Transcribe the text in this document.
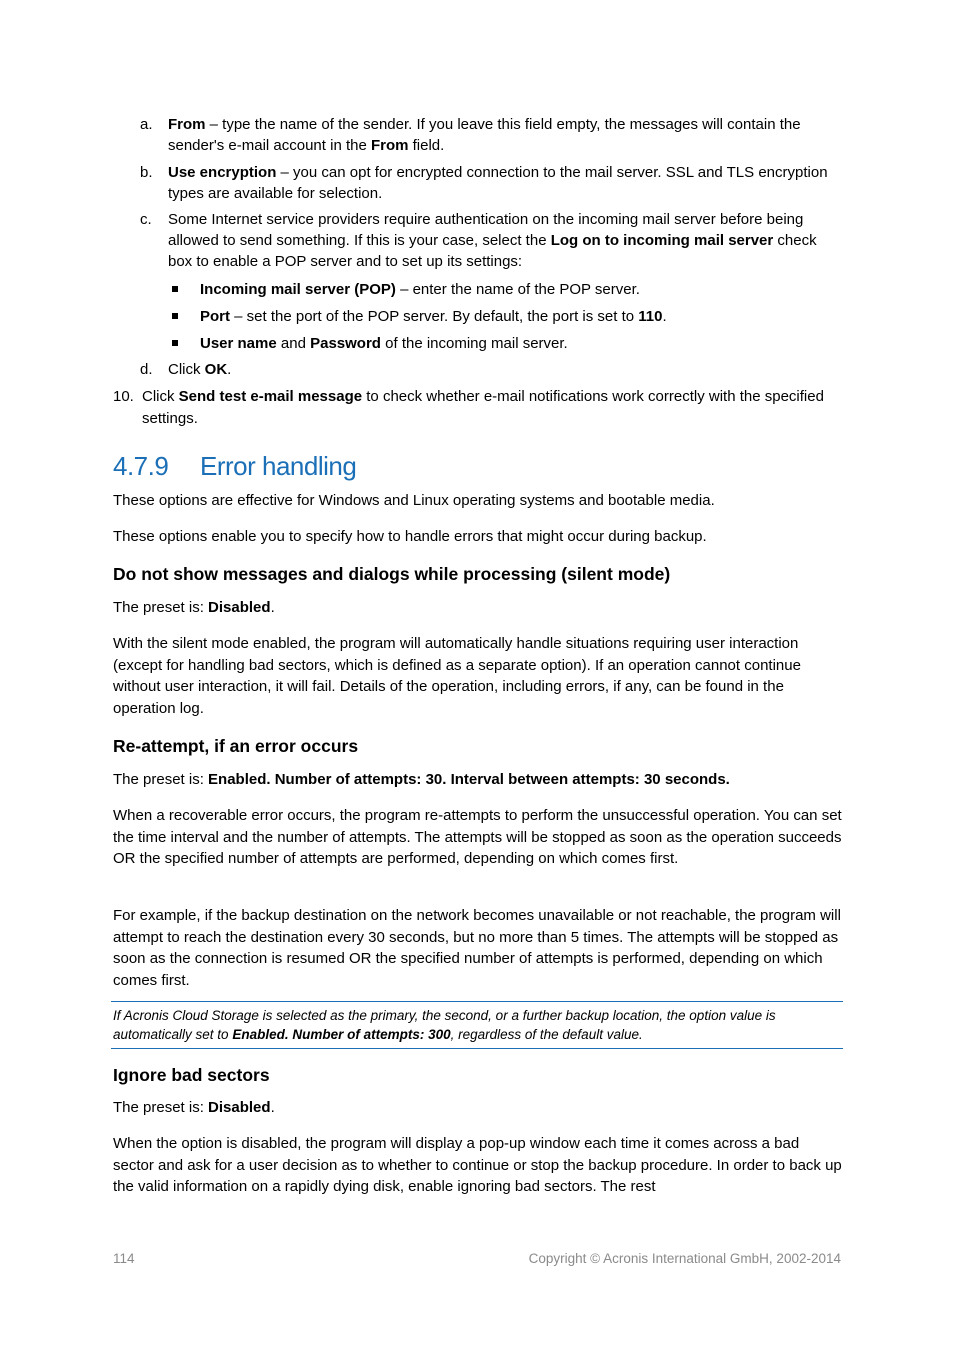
a. From – type the name of the sender. If you leave this field empty, the messages will contain the sender's e-mail account in the From field.
b. Use encryption – you can opt for encrypted connection to the mail server. SSL and TLS encryption types are available for selection.
c. Some Internet service providers require authentication on the incoming mail server before being allowed to send something. If this is your case, select the Log on to incoming mail server check box to enable a POP server and to set up its settings:
Incoming mail server (POP) – enter the name of the POP server.
Port – set the port of the POP server. By default, the port is set to 110.
User name and Password of the incoming mail server.
d. Click OK.
10. Click Send test e-mail message to check whether e-mail notifications work correctly with the specified settings.
4.7.9 Error handling
These options are effective for Windows and Linux operating systems and bootable media.
These options enable you to specify how to handle errors that might occur during backup.
Do not show messages and dialogs while processing (silent mode)
The preset is: Disabled.
With the silent mode enabled, the program will automatically handle situations requiring user interaction (except for handling bad sectors, which is defined as a separate option). If an operation cannot continue without user interaction, it will fail. Details of the operation, including errors, if any, can be found in the operation log.
Re-attempt, if an error occurs
The preset is: Enabled. Number of attempts: 30. Interval between attempts: 30 seconds.
When a recoverable error occurs, the program re-attempts to perform the unsuccessful operation. You can set the time interval and the number of attempts. The attempts will be stopped as soon as the operation succeeds OR the specified number of attempts are performed, depending on which comes first.
For example, if the backup destination on the network becomes unavailable or not reachable, the program will attempt to reach the destination every 30 seconds, but no more than 5 times. The attempts will be stopped as soon as the connection is resumed OR the specified number of attempts is performed, depending on which comes first.
If Acronis Cloud Storage is selected as the primary, the second, or a further backup location, the option value is automatically set to Enabled. Number of attempts: 300, regardless of the default value.
Ignore bad sectors
The preset is: Disabled.
When the option is disabled, the program will display a pop-up window each time it comes across a bad sector and ask for a user decision as to whether to continue or stop the backup procedure. In order to back up the valid information on a rapidly dying disk, enable ignoring bad sectors. The rest
114	Copyright © Acronis International GmbH, 2002-2014
